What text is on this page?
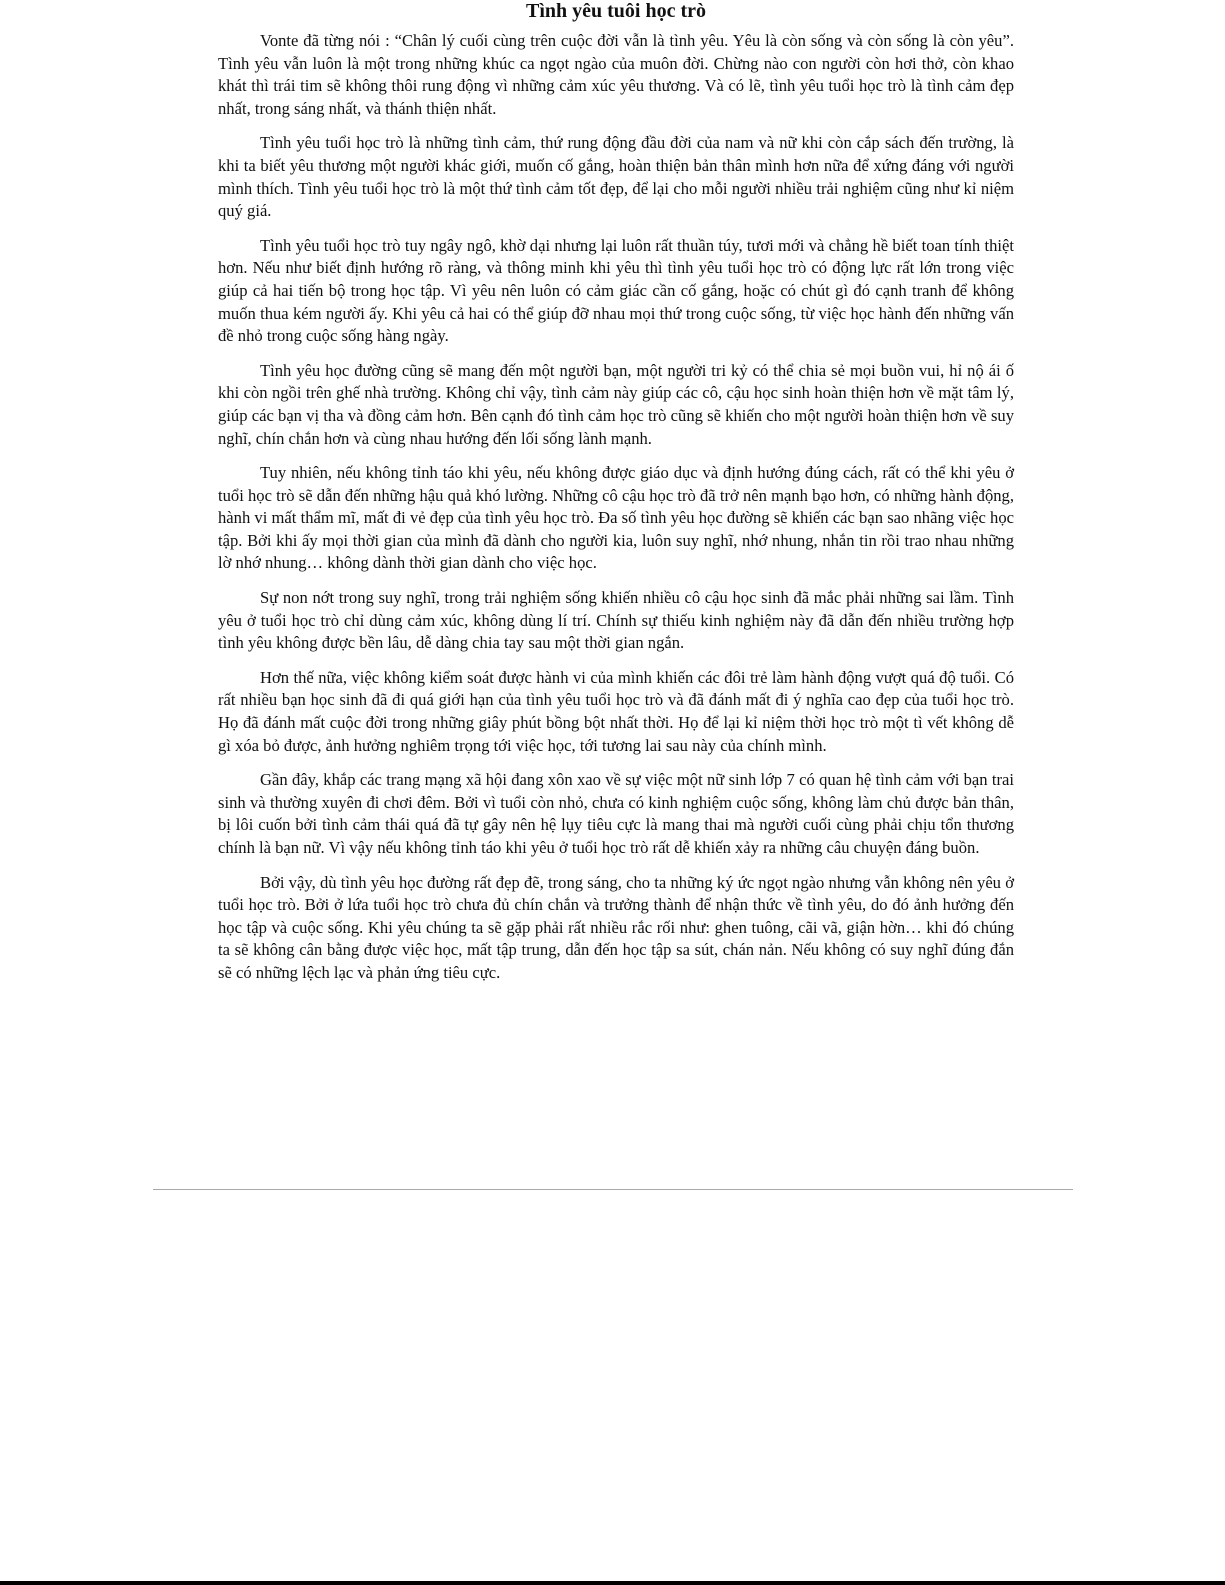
Tình yêu tuôi học trò

Vonte đã từng nói : “Chân lý cuối cùng trên cuộc đời vẫn là tình yêu. Yêu là còn sống và còn sống là còn yêu”. Tình yêu vẫn luôn là một trong những khúc ca ngọt ngào của muôn đời. Chừng nào con người còn hơi thở, còn khao khát thì trái tim sẽ không thôi rung động vì những cảm xúc yêu thương. Và có lẽ, tình yêu tuổi học trò là tình cảm đẹp nhất, trong sáng nhất, và thánh thiện nhất.

Tình yêu tuổi học trò là những tình cảm, thứ rung động đầu đời của nam và nữ khi còn cắp sách đến trường, là khi ta biết yêu thương một người khác giới, muốn cố gắng, hoàn thiện bản thân mình hơn nữa để xứng đáng với người mình thích. Tình yêu tuổi học trò là một thứ tình cảm tốt đẹp, để lại cho mỗi người nhiều trải nghiệm cũng như kỉ niệm quý giá.

Tình yêu tuổi học trò tuy ngây ngô, khờ dại nhưng lại luôn rất thuần túy, tươi mới và chẳng hề biết toan tính thiệt hơn. Nếu như biết định hướng rõ ràng, và thông minh khi yêu thì tình yêu tuổi học trò có động lực rất lớn trong việc giúp cả hai tiến bộ trong học tập. Vì yêu nên luôn có cảm giác cần cố gắng, hoặc có chút gì đó cạnh tranh để không muốn thua kém người ấy. Khi yêu cả hai có thể giúp đỡ nhau mọi thứ trong cuộc sống, từ việc học hành đến những vấn đề nhỏ trong cuộc sống hàng ngày.

Tình yêu học đường cũng sẽ mang đến một người bạn, một người tri kỷ có thể chia sẻ mọi buồn vui, hỉ nộ ái ố khi còn ngồi trên ghế nhà trường. Không chỉ vậy, tình cảm này giúp các cô, cậu học sinh hoàn thiện hơn về mặt tâm lý, giúp các bạn vị tha và đồng cảm hơn. Bên cạnh đó tình cảm học trò cũng sẽ khiến cho một người hoàn thiện hơn về suy nghĩ, chín chắn hơn và cùng nhau hướng đến lối sống lành mạnh.

Tuy nhiên, nếu không tỉnh táo khi yêu, nếu không được giáo dục và định hướng đúng cách, rất có thể khi yêu ở tuổi học trò sẽ dẫn đến những hậu quả khó lường. Những cô cậu học trò đã trở nên mạnh bạo hơn, có những hành động, hành vi mất thẩm mĩ, mất đi vẻ đẹp của tình yêu học trò. Đa số tình yêu học đường sẽ khiến các bạn sao nhãng việc học tập. Bởi khi ấy mọi thời gian của mình đã dành cho người kia, luôn suy nghĩ, nhớ nhung, nhắn tin rồi trao nhau những lờ nhớ nhung… không dành thời gian dành cho việc học.

Sự non nớt trong suy nghĩ, trong trải nghiệm sống khiến nhiều cô cậu học sinh đã mắc phải những sai lầm. Tình yêu ở tuổi học trò chỉ dùng cảm xúc, không dùng lí trí. Chính sự thiếu kinh nghiệm này đã dẫn đến nhiều trường hợp tình yêu không được bền lâu, dễ dàng chia tay sau một thời gian ngắn.

Hơn thế nữa, việc không kiểm soát được hành vi của mình khiến các đôi trẻ làm hành động vượt quá độ tuổi. Có rất nhiều bạn học sinh đã đi quá giới hạn của tình yêu tuổi học trò và đã đánh mất đi ý nghĩa cao đẹp của tuổi học trò. Họ đã đánh mất cuộc đời trong những giây phút bồng bột nhất thời. Họ để lại kỉ niệm thời học trò một tì vết không dễ gì xóa bỏ được, ảnh hưởng nghiêm trọng tới việc học, tới tương lai sau này của chính mình.

Gần đây, khắp các trang mạng xã hội đang xôn xao về sự việc một nữ sinh lớp 7 có quan hệ tình cảm với bạn trai sinh và thường xuyên đi chơi đêm. Bởi vì tuổi còn nhỏ, chưa có kinh nghiệm cuộc sống, không làm chủ được bản thân, bị lôi cuốn bởi tình cảm thái quá đã tự gây nên hệ lụy tiêu cực là mang thai mà người cuối cùng phải chịu tổn thương chính là bạn nữ. Vì vậy nếu không tỉnh táo khi yêu ở tuổi học trò rất dễ khiến xảy ra những câu chuyện đáng buồn.

Bởi vậy, dù tình yêu học đường rất đẹp đẽ, trong sáng, cho ta những ký ức ngọt ngào nhưng vẫn không nên yêu ở tuổi học trò. Bởi ở lứa tuổi học trò chưa đủ chín chắn và trưởng thành để nhận thức về tình yêu, do đó ảnh hưởng đến học tập và cuộc sống. Khi yêu chúng ta sẽ gặp phải rất nhiều rắc rối như: ghen tuông, cãi vã, giận hờn… khi đó chúng ta sẽ không cân bằng được việc học, mất tập trung, dẫn đến học tập sa sút, chán nản. Nếu không có suy nghĩ đúng đắn sẽ có những lệch lạc và phản ứng tiêu cực.
